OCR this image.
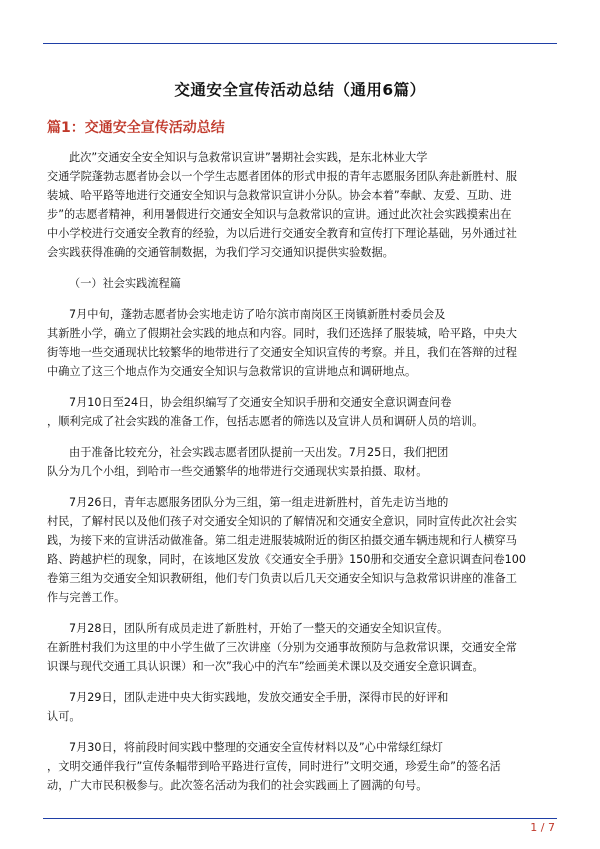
交通安全宣传活动总结（通用6篇）
篇1：交通安全宣传活动总结

此次”交通安全安全知识与急救常识宣讲”暑期社会实践，是东北林业大学
交通学院蓬勃志愿者协会以一个学生志愿者团体的形式申报的青年志愿服务团队奔赴新胜村、服
装城、哈平路等地进行交通安全知识与急救常识宣讲小分队。协会本着”奉献、友爱、互助、进
步”的志愿者精神，利用暑假进行交通安全知识与急救常识的宣讲。通过此次社会实践摸索出在
中小学校进行交通安全教育的经验，为以后进行交通安全教育和宣传打下理论基础，另外通过社
会实践获得准确的交通管制数据，为我们学习交通知识提供实验数据。

（一）社会实践流程篇

7月中旬，蓬勃志愿者协会实地走访了哈尔滨市南岗区王岗镇新胜村委员会及
其新胜小学，确立了假期社会实践的地点和内容。同时，我们还选择了服装城，哈平路，中央大
街等地一些交通现状比较繁华的地带进行了交通安全知识宣传的考察。并且，我们在答辩的过程
中确立了这三个地点作为交通安全知识与急救常识的宣讲地点和调研地点。

7月10日至24日，协会组织编写了交通安全知识手册和交通安全意识调查问卷
，顺利完成了社会实践的准备工作，包括志愿者的筛选以及宣讲人员和调研人员的培训。

由于准备比较充分，社会实践志愿者团队提前一天出发。7月25日，我们把团
队分为几个小组，到哈市一些交通繁华的地带进行交通现状实景拍摄、取材。

7月26日，青年志愿服务团队分为三组，第一组走进新胜村，首先走访当地的
村民，了解村民以及他们孩子对交通安全知识的了解情况和交通安全意识，同时宣传此次社会实
践，为接下来的宣讲活动做准备。第二组走进服装城附近的街区拍摄交通车辆违规和行人横穿马
路、跨越护栏的现象，同时，在该地区发放《交通安全手册》150册和交通安全意识调查问卷100
卷第三组为交通安全知识教研组，他们专门负责以后几天交通安全知识与急救常识讲座的准备工
作与完善工作。

7月28日，团队所有成员走进了新胜村，开始了一整天的交通安全知识宣传。
在新胜村我们为这里的中小学生做了三次讲座（分别为交通事故预防与急救常识课，交通安全常
识课与现代交通工具认识课）和一次”我心中的汽车”绘画美术课以及交通安全意识调查。

7月29日，团队走进中央大街实践地，发放交通安全手册，深得市民的好评和
认可。

7月30日，将前段时间实践中整理的交通安全宣传材料以及”心中常绿红绿灯
，文明交通伴我行”宣传条幅带到哈平路进行宣传，同时进行”文明交通，珍爱生命”的签名活
动，广大市民积极参与。此次签名活动为我们的社会实践画上了圆满的句号。

1 / 7
